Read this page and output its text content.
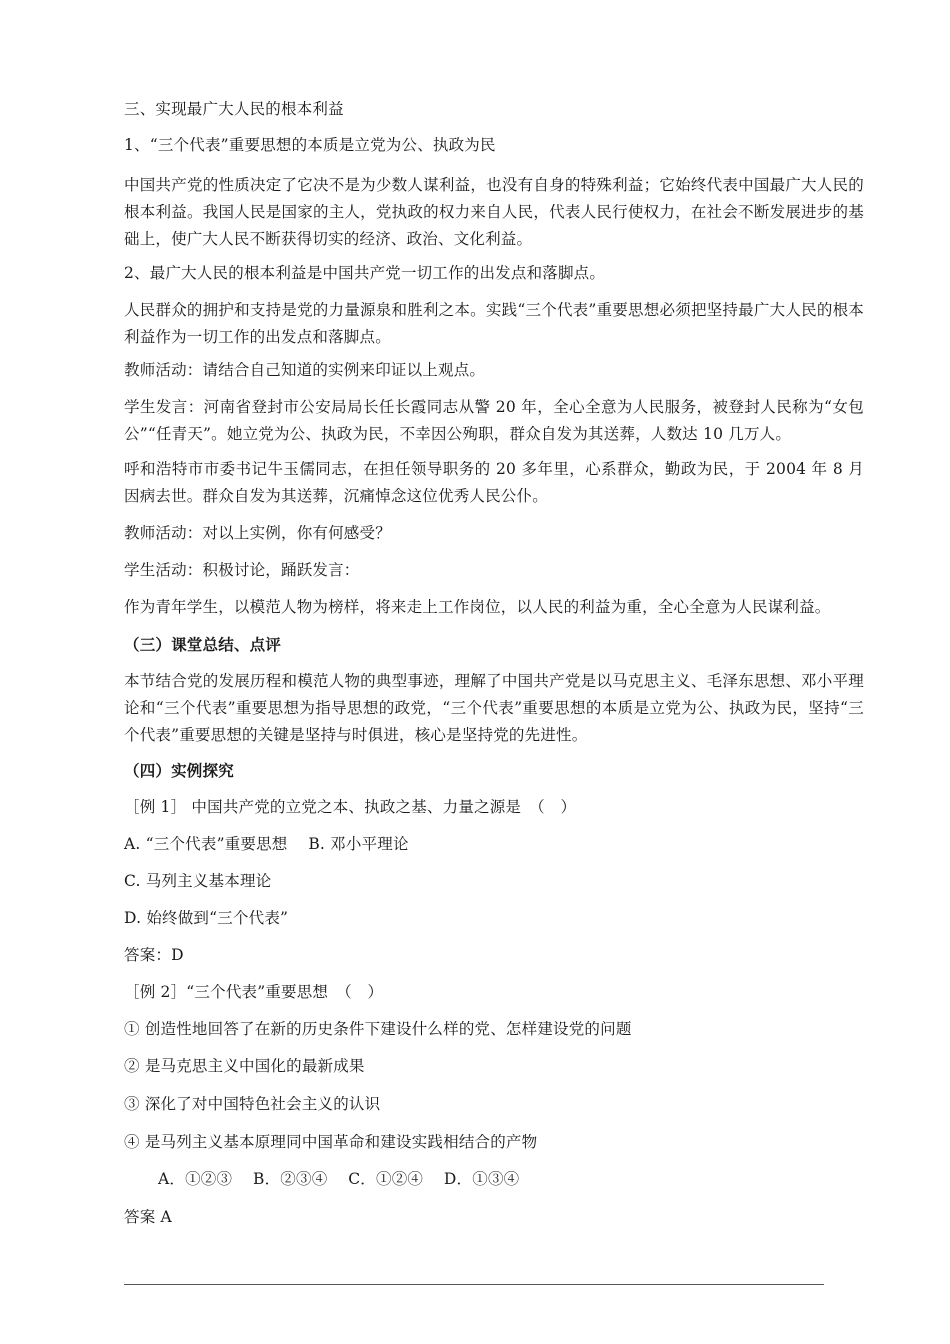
三、实现最广大人民的根本利益
1、“三个代表”重要思想的本质是立党为公、执政为民
中国共产党的性质决定了它决不是为少数人谋利益，也没有自身的特殊利益；它始终代表中国最广大人民的根本利益。我国人民是国家的主人，党执政的权力来自人民，代表人民行使权力，在社会不断发展进步的基础上，使广大人民不断获得切实的经济、政治、文化利益。
2、最广大人民的根本利益是中国共产党一切工作的出发点和落脚点。
人民群众的拥护和支持是党的力量源泉和胜利之本。实践“三个代表”重要思想必须把坚持最广大人民的根本利益作为一切工作的出发点和落脚点。
教师活动：请结合自己知道的实例来印证以上观点。
学生发言：河南省登封市公安局局长任长霞同志从警 20 年，全心全意为人民服务，被登封人民称为“女包公”“任青天”。她立党为公、执政为民，不幸因公殉职，群众自发为其送葬，人数达 10 几万人。
呼和浩特市市委书记牛玉儒同志，在担任领导职务的 20 多年里，心系群众，勤政为民，于 2004 年 8 月因病去世。群众自发为其送葬，沉痛悼念这位优秀人民公仆。
教师活动：对以上实例，你有何感受？
学生活动：积极讨论，踊跃发言：
作为青年学生，以模范人物为榜样，将来走上工作岗位，以人民的利益为重，全心全意为人民谋利益。
（三）课堂总结、点评
本节结合党的发展历程和模范人物的典型事迹，理解了中国共产党是以马克思主义、毛泽东思想、邓小平理论和“三个代表”重要思想为指导思想的政党，“三个代表”重要思想的本质是立党为公、执政为民，坚持“三个代表”重要思想的关键是坚持与时俱进，核心是坚持党的先进性。
（四）实例探究
［例 1］ 中国共产党的立党之本、执政之基、力量之源是　（　）
A. “三个代表”重要思想　 B. 邓小平理论
C. 马列主义基本理论
D. 始终做到“三个代表”
答案：D
［例 2］“三个代表”重要思想　（　）
① 创造性地回答了在新的历史条件下建设什么样的党、怎样建设党的问题
② 是马克思主义中国化的最新成果
③ 深化了对中国特色社会主义的认识
④ 是马列主义基本原理同中国革命和建设实践相结合的产物
A．①②③　 B．②③④　 C．①②④　 D．①③④
答案 A
